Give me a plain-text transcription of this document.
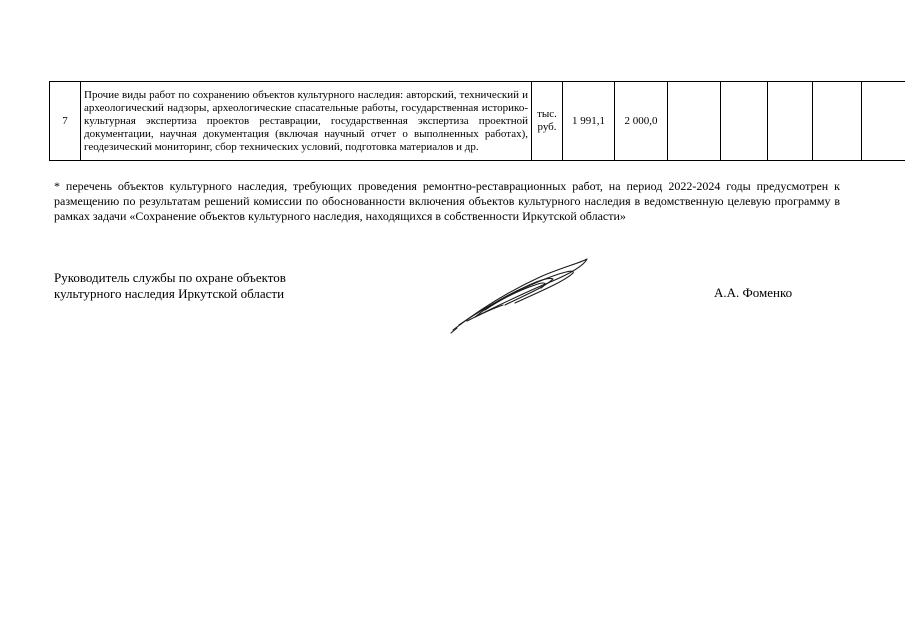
7	Прочие виды работ по сохранению объектов культурного наследия: авторский, технический и археологический надзоры, археологические спасательные работы, государственная историко-культурная экспертиза проектов реставрации, государственная экспертиза проектной документации, научная документация (включая научный отчет о выполненных работах), геодезический мониторинг, сбор технических условий, подготовка материалов и др.	тыс. руб.	1 991,1	2 000,0					
* перечень объектов культурного наследия, требующих проведения ремонтно-реставрационных работ, на период 2022-2024 годы предусмотрен к размещению по результатам решений комиссии по обоснованности включения объектов культурного наследия в ведомственную целевую программу в рамках задачи «Сохранение объектов культурного наследия, находящихся в собственности Иркутской области»
Руководитель службы по охране объектов
культурного наследия Иркутской области	А.А. Фоменко
